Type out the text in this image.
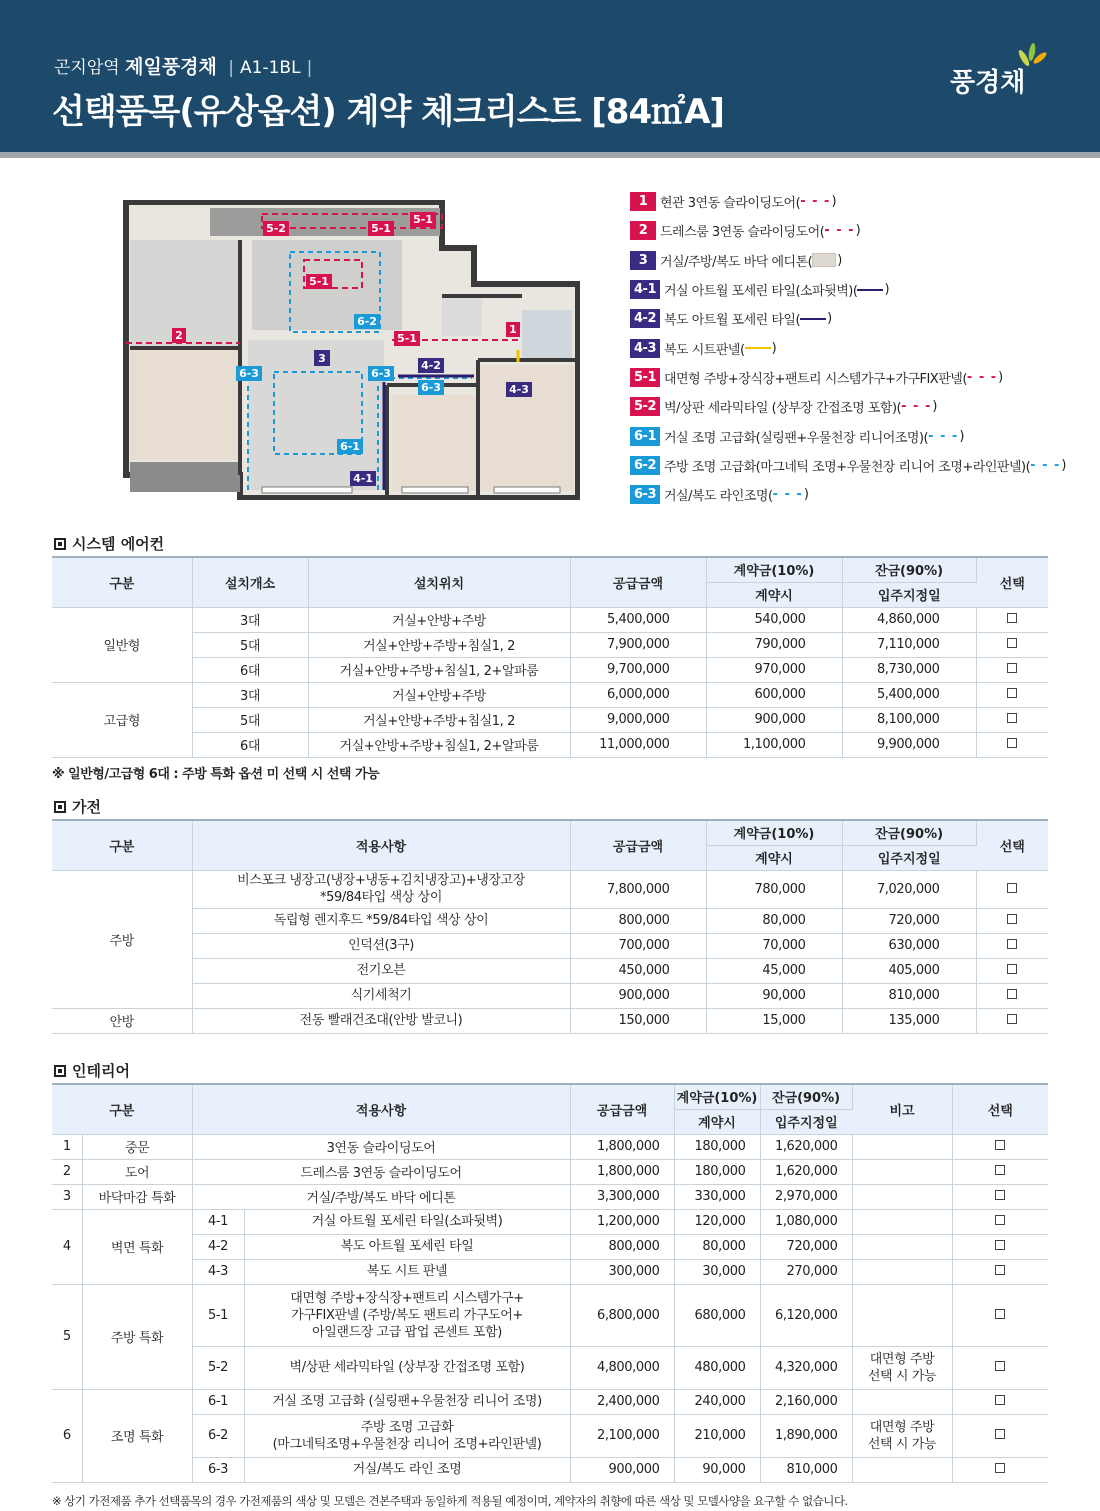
곤지암역 제일풍경채 | A1-1BL |
선택품목(유상옵션) 계약 체크리스트 [84㎡A]
풍경채
5-2	5-1
5-1
5-1
5-1
1
2
3
4-2
4-3
4-1
6-2
6-3	6-3
6-3
6-1
1 현관 3연동 슬라이딩도어( - - - )
2 드레스룸 3연동 슬라이딩도어( - - - )
3 거실/주방/복도 바닥 에디톤( )
4-1 거실 아트월 포세린 타일(소파뒷벽)( )
4-2 복도 아트월 포세린 타일( )
4-3 복도 시트판넬( )
5-1 대면형 주방+장식장+팬트리 시스템가구+가구FIX판넬( - - - )
5-2 벽/상판 세라믹타일 (상부장 간접조명 포함)( - - - )
6-1 거실 조명 고급화(실링팬+우물천장 리니어조명)( - - - )
6-2 주방 조명 고급화(마그네틱 조명+우물천장 리니어 조명+라인판넬)( - - - )
6-3 거실/복도 라인조명( - - - )
시스템 에어컨
구분	설치개소	설치위치	공급금액	계약금(10%)	잔금(90%)	선택
				계약시	입주지정일	
일반형	3대	거실+안방+주방	5,400,000	540,000	4,860,000	
	5대	거실+안방+주방+침실1, 2	7,900,000	790,000	7,110,000	
	6대	거실+안방+주방+침실1, 2+알파룸	9,700,000	970,000	8,730,000	
고급형	3대	거실+안방+주방	6,000,000	600,000	5,400,000	
	5대	거실+안방+주방+침실1, 2	9,000,000	900,000	8,100,000	
	6대	거실+안방+주방+침실1, 2+알파룸	11,000,000	1,100,000	9,900,000	
※ 일반형/고급형 6대 : 주방 특화 옵션 미 선택 시 선택 가능
가전
구분	적용사항	공급금액	계약금(10%)	잔금(90%)	선택
			계약시	입주지정일	
주방	비스포크 냉장고(냉장+냉동+김치냉장고)+냉장고장
*59/84타입 색상 상이	7,800,000	780,000	7,020,000	
	독립형 렌지후드 *59/84타입 색상 상이	800,000	80,000	720,000	
	인덕션(3구)	700,000	70,000	630,000	
	전기오븐	450,000	45,000	405,000	
	식기세척기	900,000	90,000	810,000	
안방	전동 빨래건조대(안방 발코니)	150,000	15,000	135,000	
인테리어
구분		적용사항		공급금액	계약금(10%)	잔금(90%)	비고	선택
					계약시	입주지정일		
1	중문	3연동 슬라이딩도어		1,800,000	180,000	1,620,000		
2	도어	드레스룸 3연동 슬라이딩도어		1,800,000	180,000	1,620,000		
3	바닥마감 특화	거실/주방/복도 바닥 에디톤		3,300,000	330,000	2,970,000		
4	벽면 특화	4-1	거실 아트월 포세린 타일(소파뒷벽)	1,200,000	120,000	1,080,000		
		4-2	복도 아트월 포세린 타일	800,000	80,000	720,000		
		4-3	복도 시트 판넬	300,000	30,000	270,000		
5	주방 특화	5-1	대면형 주방+장식장+팬트리 시스템가구+
가구FIX판넬 (주방/복도 팬트리 가구도어+
아일랜드장 고급 팝업 콘센트 포함)	6,800,000	680,000	6,120,000		
		5-2	벽/상판 세라믹타일 (상부장 간접조명 포함)	4,800,000	480,000	4,320,000	대면형 주방
선택 시 가능	
6	조명 특화	6-1	거실 조명 고급화 (실링팬+우물천장 리니어 조명)	2,400,000	240,000	2,160,000		
		6-2	주방 조명 고급화
(마그네틱조명+우물천장 리니어 조명+라인판넬)	2,100,000	210,000	1,890,000	대면형 주방
선택 시 가능	
		6-3	거실/복도 라인 조명	900,000	90,000	810,000		
※ 상기 가전제품 추가 선택품목의 경우 가전제품의 색상 및 모델은 견본주택과 동일하게 적용될 예정이며, 계약자의 취향에 따른 색상 및 모델사양을 요구할 수 없습니다.
